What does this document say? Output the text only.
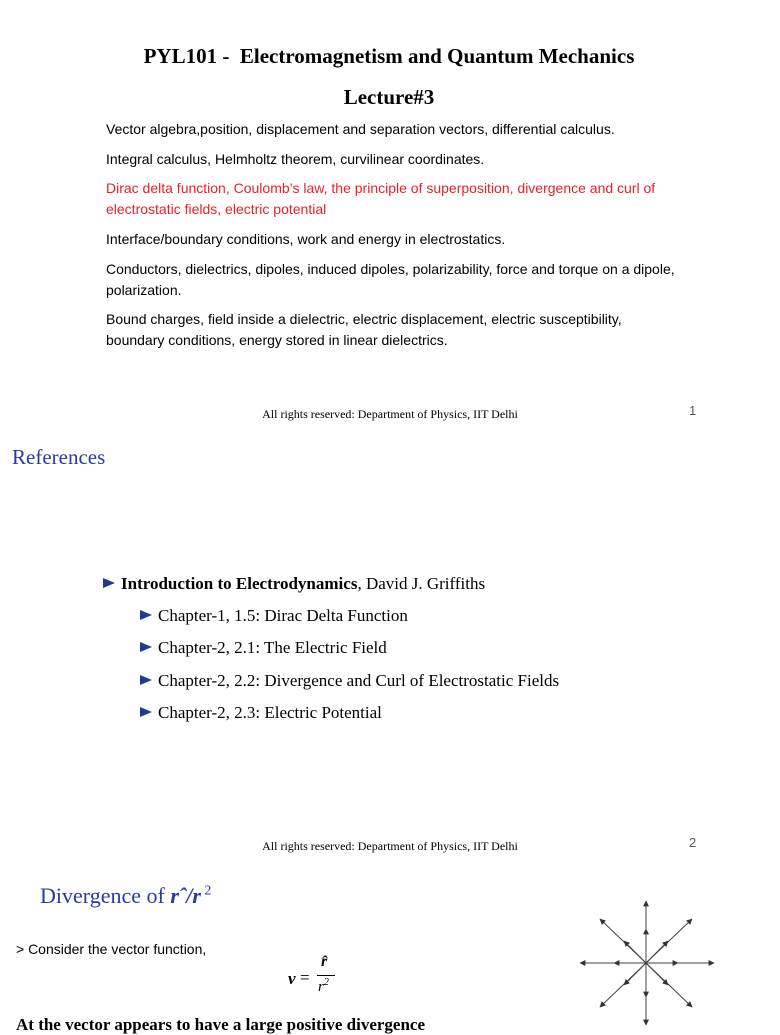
PYL101 -  Electromagnetism and Quantum Mechanics
Lecture#3
Vector algebra,position, displacement and separation vectors, differential calculus.
Integral calculus, Helmholtz theorem, curvilinear coordinates.
Dirac delta function, Coulomb’s law, the principle of superposition, divergence and curl of electrostatic fields, electric potential
Interface/boundary conditions, work and energy in electrostatics.
Conductors, dielectrics, dipoles, induced dipoles, polarizability, force and torque on a dipole, polarization.
Bound charges, field inside a dielectric, electric displacement, electric susceptibility, boundary conditions, energy stored in linear dielectrics.
All rights reserved: Department of Physics, IIT Delhi	1
References
Introduction to Electrodynamics, David J. Griffiths
Chapter-1, 1.5: Dirac Delta Function
Chapter-2, 2.1: The Electric Field
Chapter-2, 2.2: Divergence and Curl of Electrostatic Fields
Chapter-2, 2.3: Electric Potential
All rights reserved: Department of Physics, IIT Delhi	2
Divergence of rˆ/r $^2$
> Consider the vector function,
v =
r̂
$r^2$
At the vector appears to have a large positive divergence
